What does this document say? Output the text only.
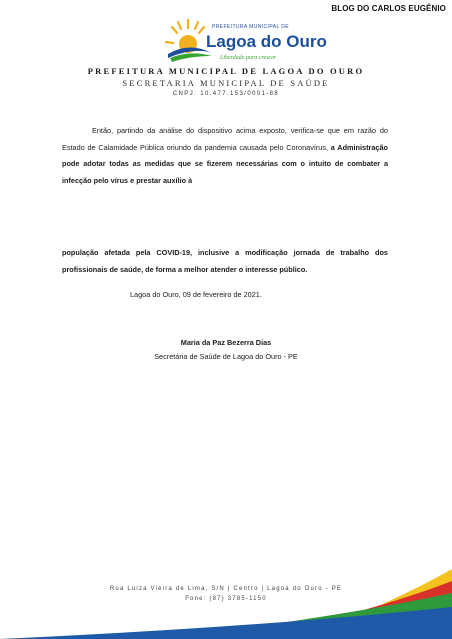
BLOG DO CARLOS EUGÊNIO
PREFEITURA MUNICIPAL DE
Lagoa do Ouro
Liberdade para crescer
PREFEITURA MUNICIPAL DE LAGOA DO OURO
SECRETARIA MUNICIPAL DE SAÚDE
CNPJ: 10.477.153/0001-88
Então, partindo da análise do dispositivo acima exposto, verifica-se que em razão do Estado de Calamidade Pública oriundo da pandemia causada pelo Coronavírus, a Administração pode adotar todas as medidas que se fizerem necessárias com o intuito de combater a infecção pelo vírus e prestar auxílio à
população afetada pela COVID-19, inclusive a modificação jornada de trabalho dos profissionais de saúde, de forma a melhor atender o interesse público.
Lagoa do Ouro, 09 de fevereiro de 2021.
Maria da Paz Bezerra Dias
Secretária de Saúde de Lagoa do Ouro - PE
Rua Luiza Vieira de Lima, S/N | Centro | Lagoa do Ouro - PE
Fone: (87) 3785-1150
